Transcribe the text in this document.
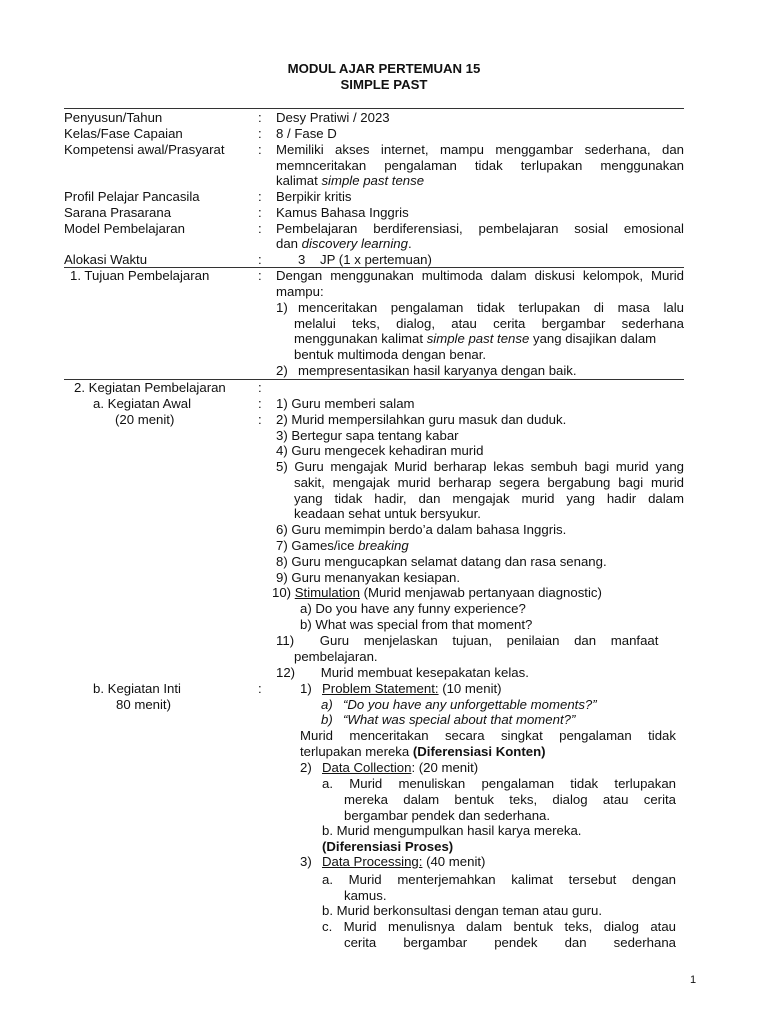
MODUL AJAR PERTEMUAN 15
SIMPLE PAST
Penyusun/Tahun	: Desy Pratiwi / 2023
Kelas/Fase Capaian	: 8 / Fase D
Kompetensi awal/Prasyarat	: Memiliki akses internet, mampu menggambar sederhana, dan
memnceritakan pengalaman tidak terlupakan menggunakan
kalimat simple past tense
Profil Pelajar Pancasila	: Berpikir kritis
Sarana Prasarana	: Kamus Bahasa Inggris
Model Pembelajaran	: Pembelajaran berdiferensiasi, pembelajaran sosial emosional
dan discovery learning.
Alokasi Waktu	:	3    JP (1 x pertemuan)
1. Tujuan Pembelajaran	: Dengan menggunakan multimoda dalam diskusi kelompok, Murid
mampu:
1) menceritakan pengalaman tidak terlupakan di masa lalu
melalui teks, dialog, atau cerita bergambar sederhana
menggunakan kalimat simple past tense yang disajikan dalam
bentuk multimoda dengan benar.
2) mempresentasikan hasil karyanya dengan baik.
2. Kegiatan Pembelajaran :
a. Kegiatan Awal	: 1) Guru memberi salam
(20 menit)	: 2) Murid mempersilahkan guru masuk dan duduk.
3) Bertegur sapa tentang kabar
4) Guru mengecek kehadiran murid
5) Guru mengajak Murid berharap lekas sembuh bagi murid yang
sakit, mengajak murid berharap segera bergabung bagi murid
yang tidak hadir, dan mengajak murid yang hadir dalam
keadaan sehat untuk bersyukur.
6) Guru memimpin berdo’a dalam bahasa Inggris.
7) Games/ice breaking
8) Guru mengucapkan selamat datang dan rasa senang.
9) Guru menanyakan kesiapan.
10) Stimulation (Murid menjawab pertanyaan diagnostic)
a) Do you have any funny experience?
b) What was special from that moment?
11)       Guru    menjelaskan    tujuan,    penilaian    dan    manfaat
pembelajaran.
12)       Murid membuat kesepakatan kelas.
b. Kegiatan Inti	:	1) Problem Statement: (10 menit)
80 menit)	a) “Do you have any unforgettable moments?”
b) “What was special about that moment?”
Murid menceritakan secara singkat pengalaman tidak
terlupakan mereka (Diferensiasi Konten)
2) Data Collection: (20 menit)
a. Murid menuliskan pengalaman tidak terlupakan
mereka dalam bentuk teks, dialog atau cerita
bergambar pendek dan sederhana.
b. Murid mengumpulkan hasil karya mereka.
(Diferensiasi Proses)
3) Data Processing: (40 menit)
a. Murid menterjemahkan kalimat tersebut dengan
kamus.
b. Murid berkonsultasi dengan teman atau guru.
c. Murid menulisnya dalam bentuk teks, dialog atau
cerita bergambar pendek dan sederhana
1
